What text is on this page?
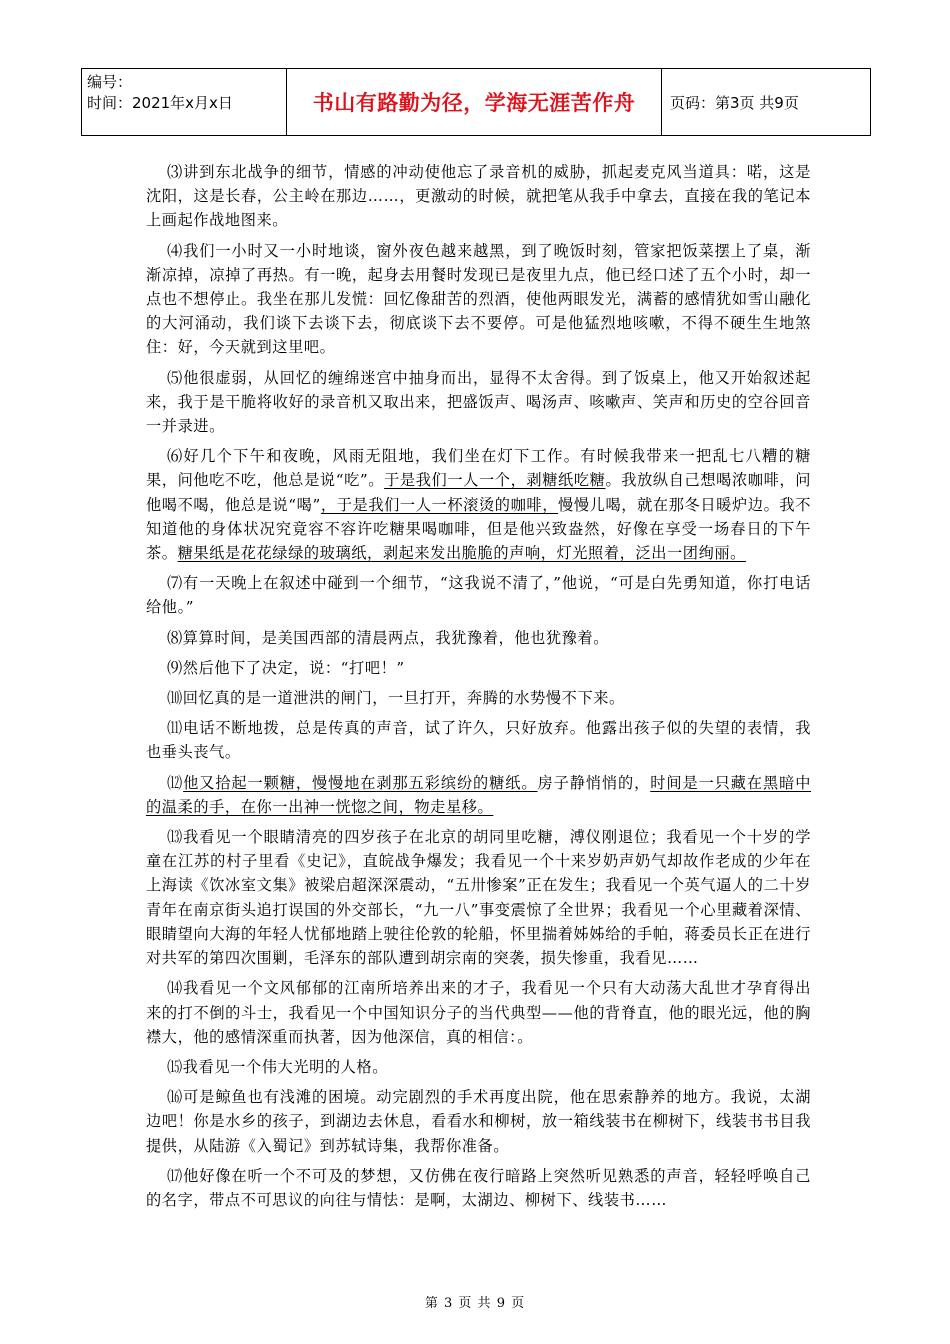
编号：
时间：2021年x月x日	书山有路勤为径，学海无涯苦作舟	页码：第3页 共9页

⑶讲到东北战争的细节，情感的冲动使他忘了录音机的威胁，抓起麦克风当道具：喏，这是沈阳，这是长春，公主岭在那边……，更激动的时候，就把笔从我手中拿去，直接在我的笔记本上画起作战地图来。

⑷我们一小时又一小时地谈，窗外夜色越来越黑，到了晚饭时刻，管家把饭菜摆上了桌，渐渐凉掉，凉掉了再热。有一晚，起身去用餐时发现已是夜里九点，他已经口述了五个小时，却一点也不想停止。我坐在那儿发慌：回忆像甜苦的烈酒，使他两眼发光，满蓄的感情犹如雪山融化的大河涌动，我们谈下去谈下去，彻底谈下去不要停。可是他猛烈地咳嗽，不得不硬生生地煞住：好，今天就到这里吧。

⑸他很虚弱，从回忆的缠绵迷宫中抽身而出，显得不太舍得。到了饭桌上，他又开始叙述起来，我于是干脆将收好的录音机又取出来，把盛饭声、喝汤声、咳嗽声、笑声和历史的空谷回音一并录进。

⑹好几个下午和夜晚，风雨无阻地，我们坐在灯下工作。有时候我带来一把乱七八糟的糖果，问他吃不吃，他总是说“吃”。于是我们一人一个，剥糖纸吃糖。我放纵自己想喝浓咖啡，问他喝不喝，他总是说“喝”，于是我们一人一杯滚烫的咖啡，慢慢儿喝，就在那冬日暖炉边。我不知道他的身体状况究竟容不容许吃糖果喝咖啡，但是他兴致盎然，好像在享受一场春日的下午茶。糖果纸是花花绿绿的玻璃纸，剥起来发出脆脆的声响，灯光照着，泛出一团绚丽。

⑺有一天晚上在叙述中碰到一个细节，“这我说不清了，”他说，“可是白先勇知道，你打电话给他。”

⑻算算时间，是美国西部的清晨两点，我犹豫着，他也犹豫着。

⑼然后他下了决定，说：“打吧！”

⑽回忆真的是一道泄洪的闸门，一旦打开，奔腾的水势慢不下来。

⑾电话不断地拨，总是传真的声音，试了许久，只好放弃。他露出孩子似的失望的表情，我也垂头丧气。

⑿他又拾起一颗糖，慢慢地在剥那五彩缤纷的糖纸。房子静悄悄的，时间是一只藏在黑暗中的温柔的手，在你一出神一恍惚之间，物走星移。

⒀我看见一个眼睛清亮的四岁孩子在北京的胡同里吃糖，溥仪刚退位；我看见一个十岁的学童在江苏的村子里看《史记》，直皖战争爆发；我看见一个十来岁奶声奶气却故作老成的少年在上海读《饮冰室文集》被梁启超深深震动，“五卅惨案”正在发生；我看见一个英气逼人的二十岁青年在南京街头追打误国的外交部长，“九一八”事变震惊了全世界；我看见一个心里藏着深情、眼睛望向大海的年轻人忧郁地踏上驶往伦敦的轮船，怀里揣着姊姊给的手帕，蒋委员长正在进行对共军的第四次围剿，毛泽东的部队遭到胡宗南的突袭，损失惨重，我看见……

⒁我看见一个文风郁郁的江南所培养出来的才子，我看见一个只有大动荡大乱世才孕育得出来的打不倒的斗士，我看见一个中国知识分子的当代典型——他的背脊直，他的眼光远，他的胸襟大，他的感情深重而执著，因为他深信，真的相信：。

⒂我看见一个伟大光明的人格。

⒃可是鲸鱼也有浅滩的困境。动完剧烈的手术再度出院，他在思索静养的地方。我说，太湖边吧！你是水乡的孩子，到湖边去休息，看看水和柳树，放一箱线装书在柳树下，线装书书目我提供，从陆游《入蜀记》到苏轼诗集，我帮你准备。

⒄他好像在听一个不可及的梦想，又仿佛在夜行暗路上突然听见熟悉的声音，轻轻呼唤自己的名字，带点不可思议的向往与情怯：是啊，太湖边、柳树下、线装书……

第 3 页 共 9 页
